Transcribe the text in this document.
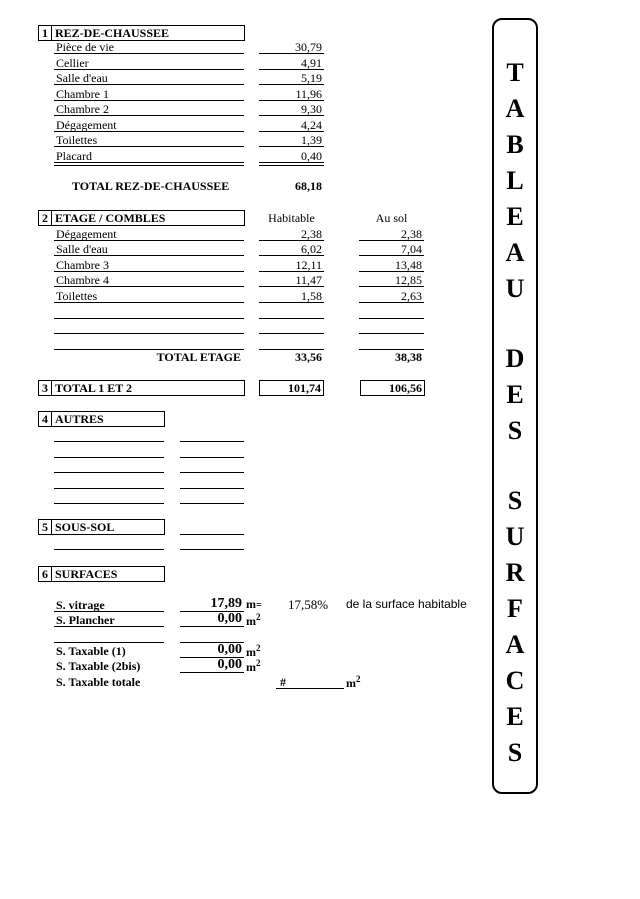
1 REZ-DE-CHAUSSEE
Pièce de vie	30,79
Cellier	4,91
Salle d'eau	5,19
Chambre 1	11,96
Chambre 2	9,30
Dégagement	4,24
Toilettes	1,39
Placard	0,40
TOTAL REZ-DE-CHAUSSEE	68,18
2 ETAGE / COMBLES	Habitable	Au sol
Dégagement	2,38	2,38
Salle d'eau	6,02	7,04
Chambre 3	12,11	13,48
Chambre 4	11,47	12,85
Toilettes	1,58	2,63
TOTAL ETAGE	33,56	38,38
3 TOTAL 1 ET 2	101,74	106,56
4 AUTRES
5 SOUS-SOL
6 SURFACES
S. vitrage	17,89 m= 17,58% de la surface habitable
S. Plancher	0,00 $m^2$
S. Taxable (1)	0,00 $m^2$
S. Taxable (2bis)	0,00 $m^2$
S. Taxable totale	#	$m^2$
T
A
B
L
E
A
U
D
E
S
S
U
R
F
A
C
E
S
